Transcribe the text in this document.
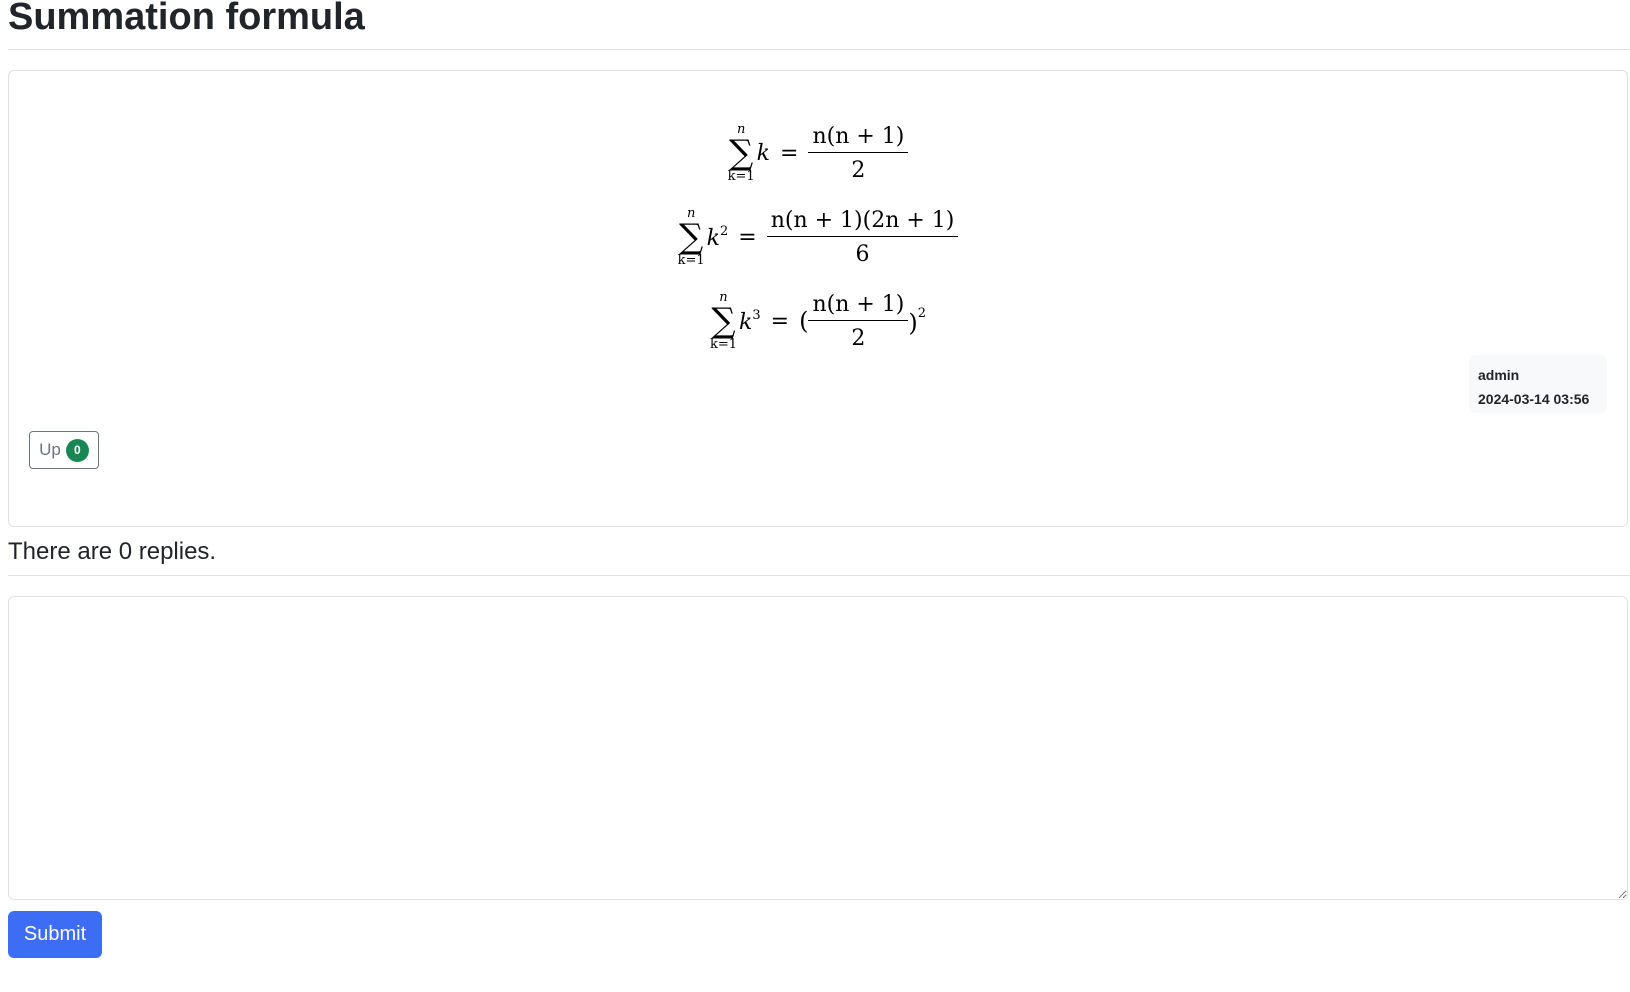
Summation formula
n
∑
k=1
$k = \frac{n(n + 1)}{2}$
n
∑
k=1
$k^2 = \frac{n(n + 1)(2n + 1)}{6}$
n
∑
k=1
$k^3$ = ( $\frac{n(n + 1)}{2} )^2$
admin
2024-03-14 03:56
Up	0
There are 0 replies.
Submit
